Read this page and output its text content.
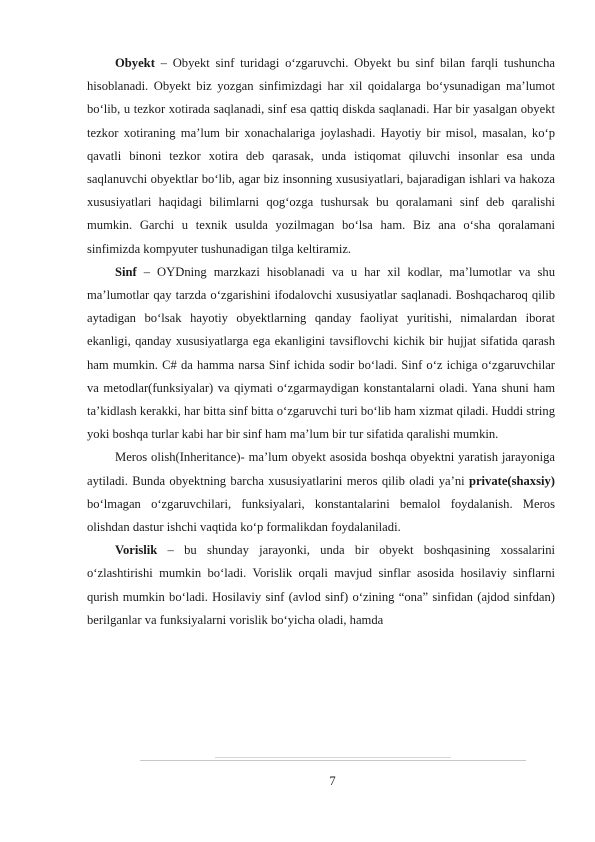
Obyekt – Obyekt sinf turidagi o‘zgaruvchi. Obyekt bu sinf bilan farqli tushuncha hisoblanadi. Obyekt biz yozgan sinfimizdagi har xil qoidalarga bo‘ysunadigan ma’lumot bo‘lib, u tezkor xotirada saqlanadi, sinf esa qattiq diskda saqlanadi. Har bir yasalgan obyekt tezkor xotiraning ma’lum bir xonachalariga joylashadi. Hayotiy bir misol, masalan, ko‘p qavatli binoni tezkor xotira deb qarasak, unda istiqomat qiluvchi insonlar esa unda saqlanuvchi obyektlar bo‘lib, agar biz insonning xususiyatlari, bajaradigan ishlari va hakoza xususiyatlari haqidagi bilimlarni qog‘ozga tushursak bu qoralamani sinf deb qaralishi mumkin. Garchi u texnik usulda yozilmagan bo‘lsa ham. Biz ana o‘sha qoralamani sinfimizda kompyuter tushunadigan tilga keltiramiz.

Sinf – OYDning marzkazi hisoblanadi va u har xil kodlar, ma’lumotlar va shu ma’lumotlar qay tarzda o‘zgarishini ifodalovchi xususiyatlar saqlanadi. Boshqacharoq qilib aytadigan bo‘lsak hayotiy obyektlarning qanday faoliyat yuritishi, nimalardan iborat ekanligi, qanday xususiyatlarga ega ekanligini tavsiflovchi kichik bir hujjat sifatida qarash ham mumkin. C# da hamma narsa Sinf ichida sodir bo‘ladi. Sinf o‘z ichiga o‘zgaruvchilar va metodlar(funksiyalar) va qiymati o‘zgarmaydigan konstantalarni oladi. Yana shuni ham ta’kidlash kerakki, har bitta sinf bitta o‘zgaruvchi turi bo‘lib ham xizmat qiladi. Huddi string yoki boshqa turlar kabi har bir sinf ham ma’lum bir tur sifatida qaralishi mumkin.

Meros olish(Inheritance)- ma’lum obyekt asosida boshqa obyektni yaratish jarayoniga aytiladi. Bunda obyektning barcha xususiyatlarini meros qilib oladi ya’ni private(shaxsiy) bo‘lmagan o‘zgaruvchilari, funksiyalari, konstantalarini bemalol foydalanish. Meros olishdan dastur ishchi vaqtida ko‘p formalikdan foydalaniladi.

Vorislik – bu shunday jarayonki, unda bir obyekt boshqasining xossalarini o‘zlashtirishi mumkin bo‘ladi. Vorislik orqali mavjud sinflar asosida hosilaviy sinflarni qurish mumkin bo‘ladi. Hosilaviy sinf (avlod sinf) o‘zining “ona” sinfidan (ajdod sinfdan) berilganlar va funksiyalarni vorislik bo‘yicha oladi, hamda

7
